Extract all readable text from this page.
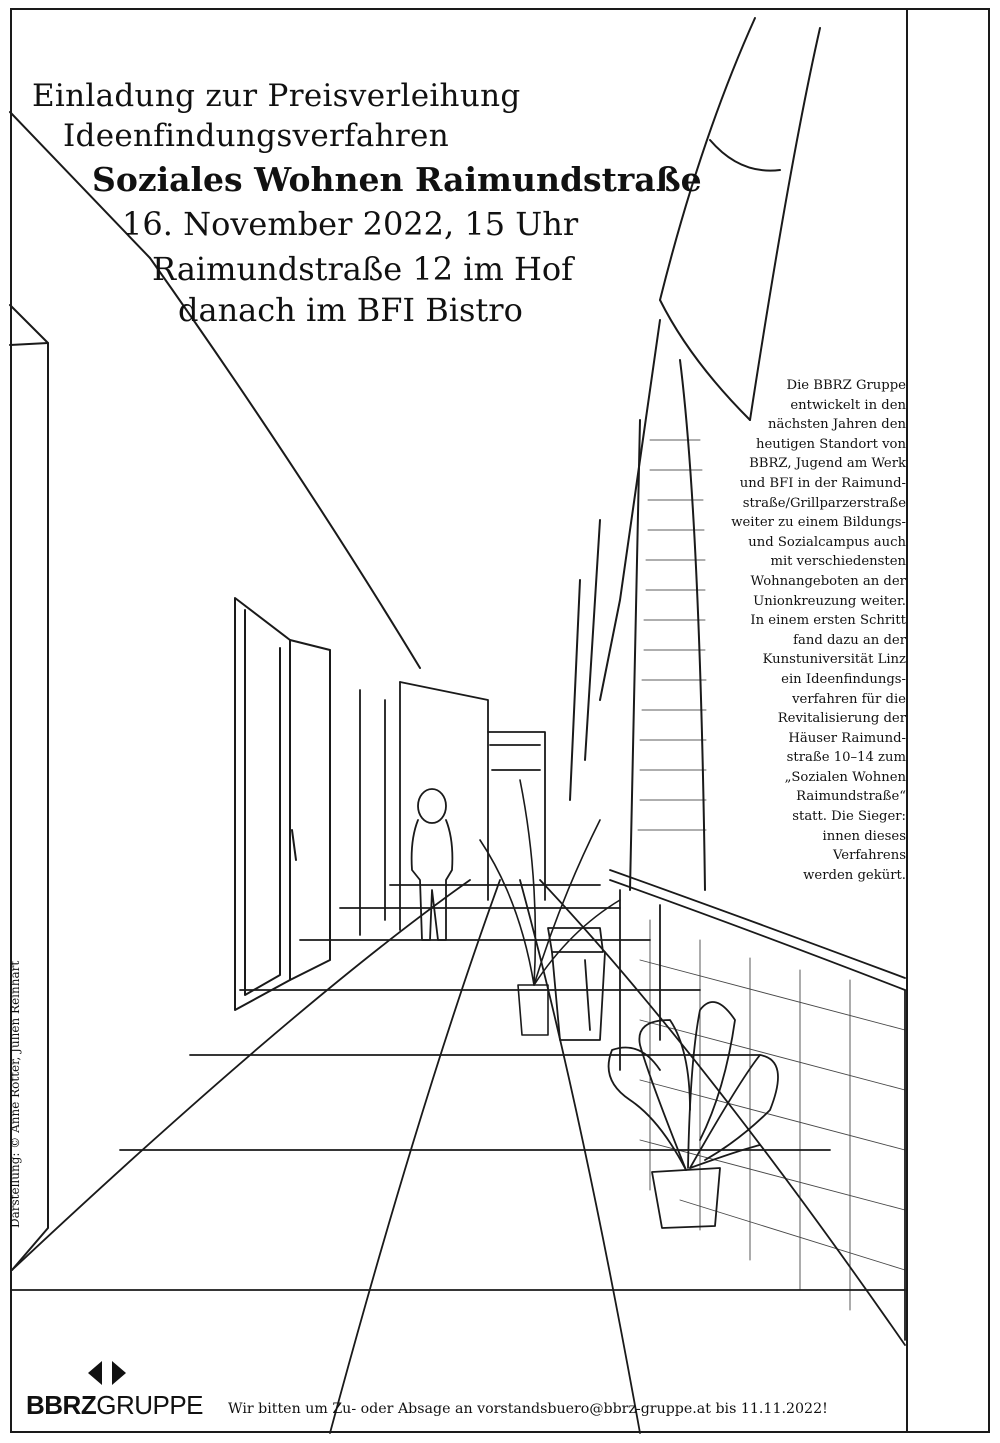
Einladung zur Preisverleihung
Ideenfindungsverfahren
Soziales Wohnen Raimundstraße
16. November 2022, 15 Uhr
Raimundstraße 12 im Hof
danach im BFI Bistro
Die BBRZ Gruppe
entwickelt in den
nächsten Jahren den
heutigen Standort von
BBRZ, Jugend am Werk
und BFI in der Raimund-
straße/Grillparzerstraße
weiter zu einem Bildungs-
und Sozialcampus auch
mit verschiedensten
Wohnangeboten an der
Unionkreuzung weiter.
In einem ersten Schritt
fand dazu an der
Kunstuniversität Linz
ein Ideenfindungs-
verfahren für die
Revitalisierung der
Häuser Raimund-
straße 10–14 zum
„Sozialen Wohnen
Raimundstraße“
statt. Die Sieger:
innen dieses
Verfahrens
werden gekürt.
Darstellung: © Anne Rotter, Julien Reinhart
BBRZGRUPPE Wir bitten um Zu- oder Absage an vorstandsbuero@bbrz-gruppe.at bis 11.11.2022!
